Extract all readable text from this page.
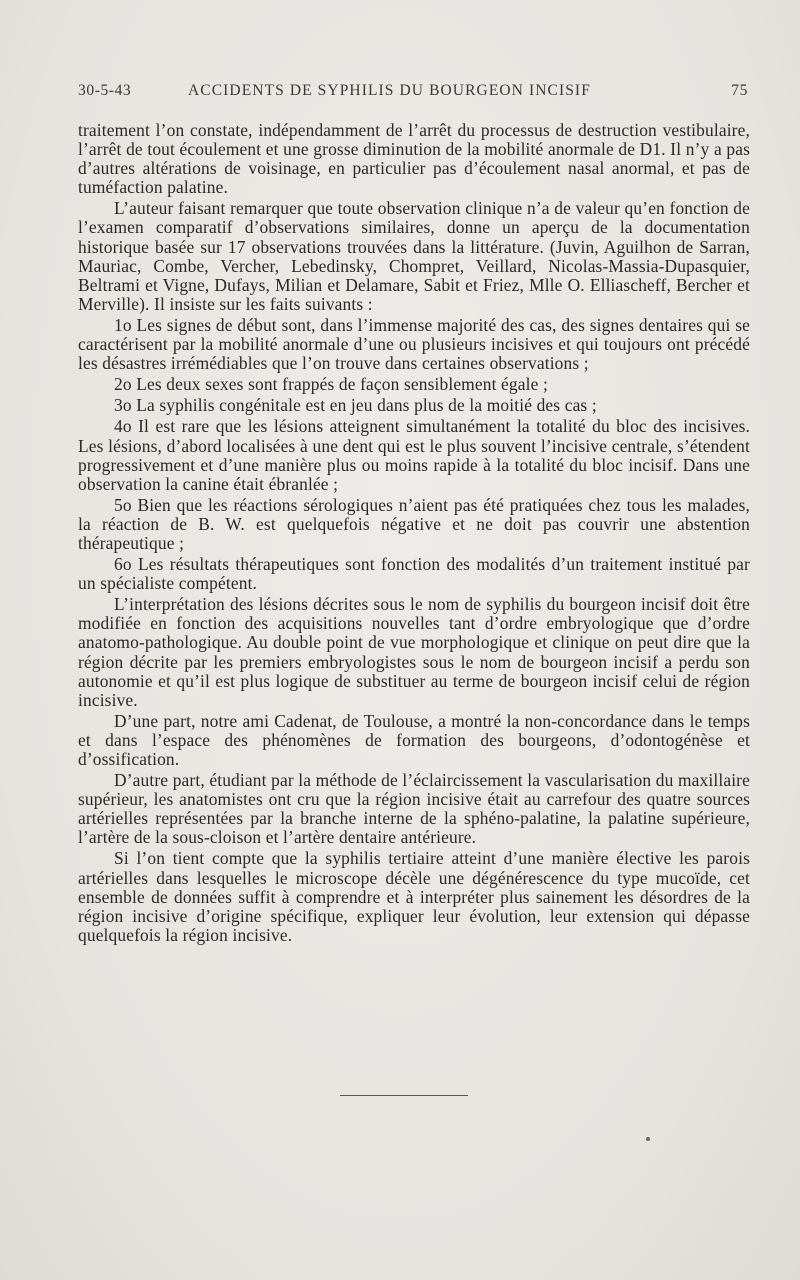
30-5-43	ACCIDENTS DE SYPHILIS DU BOURGEON INCISIF	75

traitement l’on constate, indépendamment de l’arrêt du processus de destruction vestibulaire, l’arrêt de tout écoulement et une grosse diminution de la mobilité anormale de D1. Il n’y a pas d’autres altérations de voisinage, en particulier pas d’écoulement nasal anormal, et pas de tuméfaction palatine.

L’auteur faisant remarquer que toute observation clinique n’a de valeur qu’en fonction de l’examen comparatif d’observations similaires, donne un aperçu de la documentation historique basée sur 17 observations trouvées dans la littérature. (Juvin, Aguilhon de Sarran, Mauriac, Combe, Vercher, Lebedinsky, Chompret, Veillard, Nicolas-Massia-Dupasquier, Beltrami et Vigne, Dufays, Milian et Delamare, Sabit et Friez, Mlle O. Elliascheff, Bercher et Merville). Il insiste sur les faits suivants :

1o Les signes de début sont, dans l’immense majorité des cas, des signes dentaires qui se caractérisent par la mobilité anormale d’une ou plusieurs incisives et qui toujours ont précédé les désastres irrémédiables que l’on trouve dans certaines observations ;

2o Les deux sexes sont frappés de façon sensiblement égale ;

3o La syphilis congénitale est en jeu dans plus de la moitié des cas ;

4o Il est rare que les lésions atteignent simultanément la totalité du bloc des incisives. Les lésions, d’abord localisées à une dent qui est le plus souvent l’incisive centrale, s’étendent progressivement et d’une manière plus ou moins rapide à la totalité du bloc incisif. Dans une observation la canine était ébranlée ;

5o Bien que les réactions sérologiques n’aient pas été pratiquées chez tous les malades, la réaction de B. W. est quelquefois négative et ne doit pas couvrir une abstention thérapeutique ;

6o Les résultats thérapeutiques sont fonction des modalités d’un traitement institué par un spécialiste compétent.

L’interprétation des lésions décrites sous le nom de syphilis du bourgeon incisif doit être modifiée en fonction des acquisitions nouvelles tant d’ordre embryologique que d’ordre anatomo-pathologique. Au double point de vue morphologique et clinique on peut dire que la région décrite par les premiers embryologistes sous le nom de bourgeon incisif a perdu son autonomie et qu’il est plus logique de substituer au terme de bourgeon incisif celui de région incisive.

D’une part, notre ami Cadenat, de Toulouse, a montré la non-concordance dans le temps et dans l’espace des phénomènes de formation des bourgeons, d’odontogénèse et d’ossification.

D’autre part, étudiant par la méthode de l’éclaircissement la vascularisation du maxillaire supérieur, les anatomistes ont cru que la région incisive était au carrefour des quatre sources artérielles représentées par la branche interne de la sphéno-palatine, la palatine supérieure, l’artère de la sous-cloison et l’artère dentaire antérieure.

Si l’on tient compte que la syphilis tertiaire atteint d’une manière élective les parois artérielles dans lesquelles le microscope décèle une dégénérescence du type mucoïde, cet ensemble de données suffit à comprendre et à interpréter plus sainement les désordres de la région incisive d’origine spécifique, expliquer leur évolution, leur extension qui dépasse quelquefois la région incisive.
